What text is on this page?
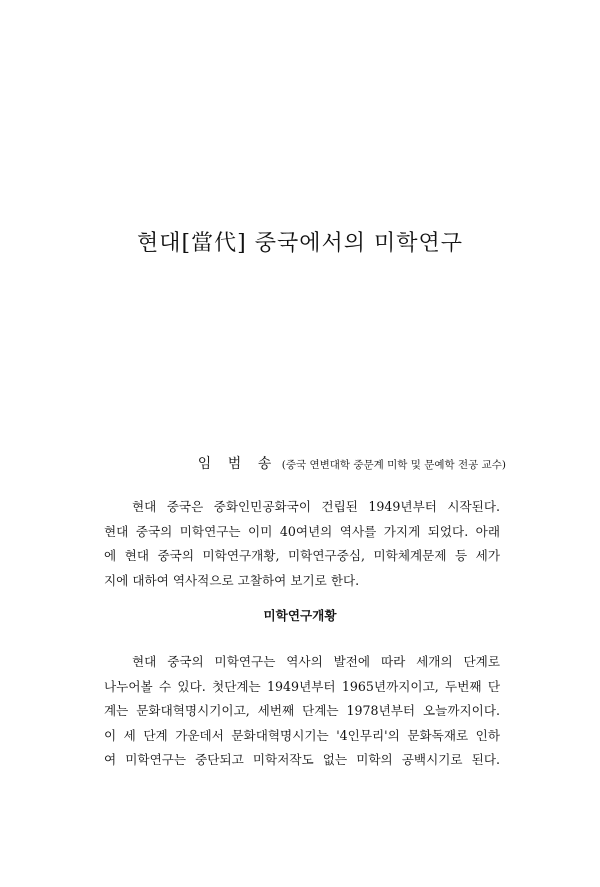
현대[當代] 중국에서의 미학연구
임 범 송 (중국 연변대학 중문계 미학 및 문예학 전공 교수)
현대 중국은 중화인민공화국이 건립된 1949년부터 시작된다.
현대 중국의 미학연구는 이미 40여년의 역사를 가지게 되었다. 아래
에 현대 중국의 미학연구개황, 미학연구중심, 미학체계문제 등 세가
지에 대하여 역사적으로 고찰하여 보기로 한다.
미학연구개황
현대 중국의 미학연구는 역사의 발전에 따라 세개의 단계로
나누어볼 수 있다. 첫단계는 1949년부터 1965년까지이고, 두번째 단
계는 문화대혁명시기이고, 세번째 단계는 1978년부터 오늘까지이다.
이 세 단계 가운데서 문화대혁명시기는 '4인무리'의 문화독재로 인하
여 미학연구는 중단되고 미학저작도 없는 미학의 공백시기로 된다.
